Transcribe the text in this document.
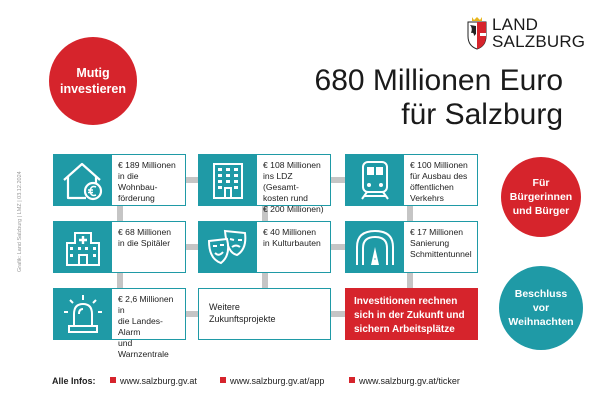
LAND
SALZBURG
Mutig
investieren
Für
Bürgerinnen
und Bürger
Beschluss
vor
Weihnachten
680 Millionen Euro
für Salzburg
€ 189 Millionen
in die Wohnbau-
förderung
€ 108 Millionen
ins LDZ (Gesamt-
kosten rund
€ 200 Millionen)
€ 100 Millionen
für Ausbau des
öffentlichen
Verkehrs
€ 68 Millionen
in die Spitäler
€ 40 Millionen
in Kulturbauten
€ 17 Millionen
Sanierung
Schmittentunnel
€ 2,6 Millionen in
die Landes- Alarm
und Warnzentrale
Weitere
Zukunftsprojekte
Investitionen rechnen
sich in der Zukunft und
sichern Arbeitsplätze
Grafik: Land Salzburg | LMZ | 03.12.2024
Alle Infos:	www.salzburg.gv.at	www.salzburg.gv.at/app	www.salzburg.gv.at/ticker
